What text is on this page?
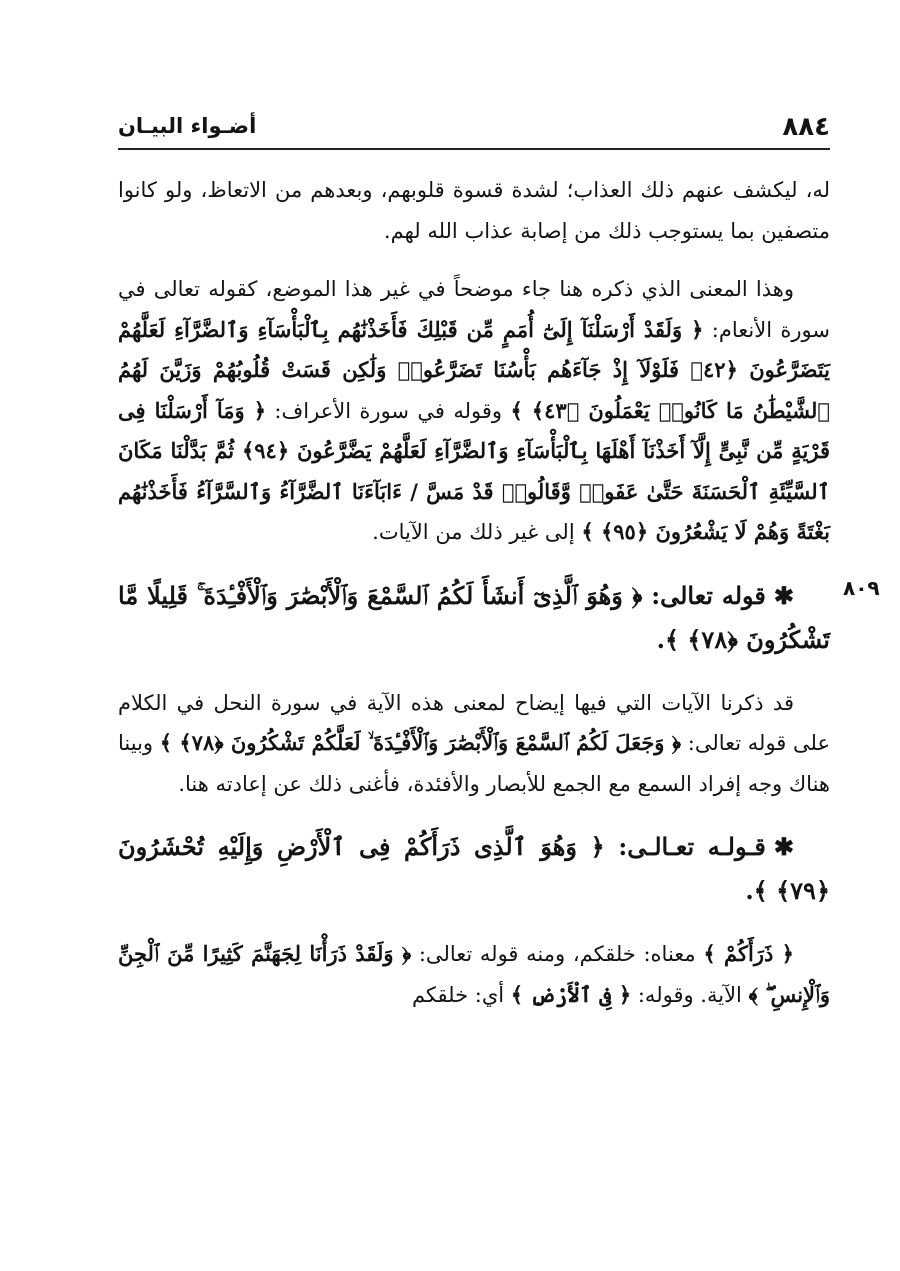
٨٨٤
أضـواء البيـان
٨٠٩

له، ليكشف عنهم ذلك العذاب؛ لشدة قسوة قلوبهم، وبعدهم من الاتعاظ، ولو كانوا متصفين بما يستوجب ذلك من إصابة عذاب الله لهم.

وهذا المعنى الذي ذكره هنا جاء موضحاً في غير هذا الموضع، كقوله تعالى في سورة الأنعام: ﴿ وَلَقَدْ أَرْسَلْنَآ إِلَىٰٓ أُمَمٍ مِّن قَبْلِكَ فَأَخَذْنَٰهُم بِٱلْبَأْسَآءِ وَٱلضَّرَّآءِ لَعَلَّهُمْ يَتَضَرَّعُونَ ﴿٤٢﴾ فَلَوْلَآ إِذْ جَآءَهُم بَأْسُنَا تَضَرَّعُوا۟ وَلَٰكِن قَسَتْ قُلُوبُهُمْ وَزَيَّنَ لَهُمُ ٱلشَّيْطَٰنُ مَا كَانُوا۟ يَعْمَلُونَ ﴿٤٣﴾ ﴾ وقوله في سورة الأعراف: ﴿ وَمَآ أَرْسَلْنَا فِى قَرْيَةٍ مِّن نَّبِىٍّ إِلَّآ أَخَذْنَآ أَهْلَهَا بِٱلْبَأْسَآءِ وَٱلضَّرَّآءِ لَعَلَّهُمْ يَضَّرَّعُونَ ﴿٩٤﴾ ثُمَّ بَدَّلْنَا مَكَانَ ٱلسَّيِّئَةِ ٱلْحَسَنَةَ حَتَّىٰ عَفَوا۟ وَّقَالُوا۟ قَدْ مَسَّ / ءَابَآءَنَا ٱلضَّرَّآءُ وَٱلسَّرَّآءُ فَأَخَذْنَٰهُم بَغْتَةً وَهُمْ لَا يَشْعُرُونَ ﴿٩٥﴾ ﴾ إلى غير ذلك من الآيات.

✱قوله تعالى: ﴿ وَهُوَ ٱلَّذِىٓ أَنشَأَ لَكُمُ ٱلسَّمْعَ وَٱلْأَبْصَٰرَ وَٱلْأَفْـِٔدَةَ ۚ قَلِيلًا مَّا تَشْكُرُونَ ﴿٧٨﴾ ﴾.

قد ذكرنا الآيات التي فيها إيضاح لمعنى هذه الآية في سورة النحل في الكلام على قوله تعالى: ﴿ وَجَعَلَ لَكُمُ ٱلسَّمْعَ وَٱلْأَبْصَٰرَ وَٱلْأَفْـِٔدَةَ ۙ لَعَلَّكُمْ تَشْكُرُونَ ﴿٧٨﴾ ﴾ وبينا هناك وجه إفراد السمع مع الجمع للأبصار والأفئدة، فأغنى ذلك عن إعادته هنا.

✱قـولـه تعـالـى: ﴿ وَهُوَ ٱلَّذِى ذَرَأَكُمْ فِى ٱلْأَرْضِ وَإِلَيْهِ تُحْشَرُونَ ﴿٧٩﴾ ﴾.

﴿ ذَرَأَكُمْ ﴾ معناه: خلقكم، ومنه قوله تعالى: ﴿ وَلَقَدْ ذَرَأْنَا لِجَهَنَّمَ كَثِيرًا مِّنَ ٱلْجِنِّ وَٱلْإِنسِ ۖ ﴾ الآية. وقوله: ﴿ فِى ٱلْأَرْضِ ﴾ أي: خلقكم
